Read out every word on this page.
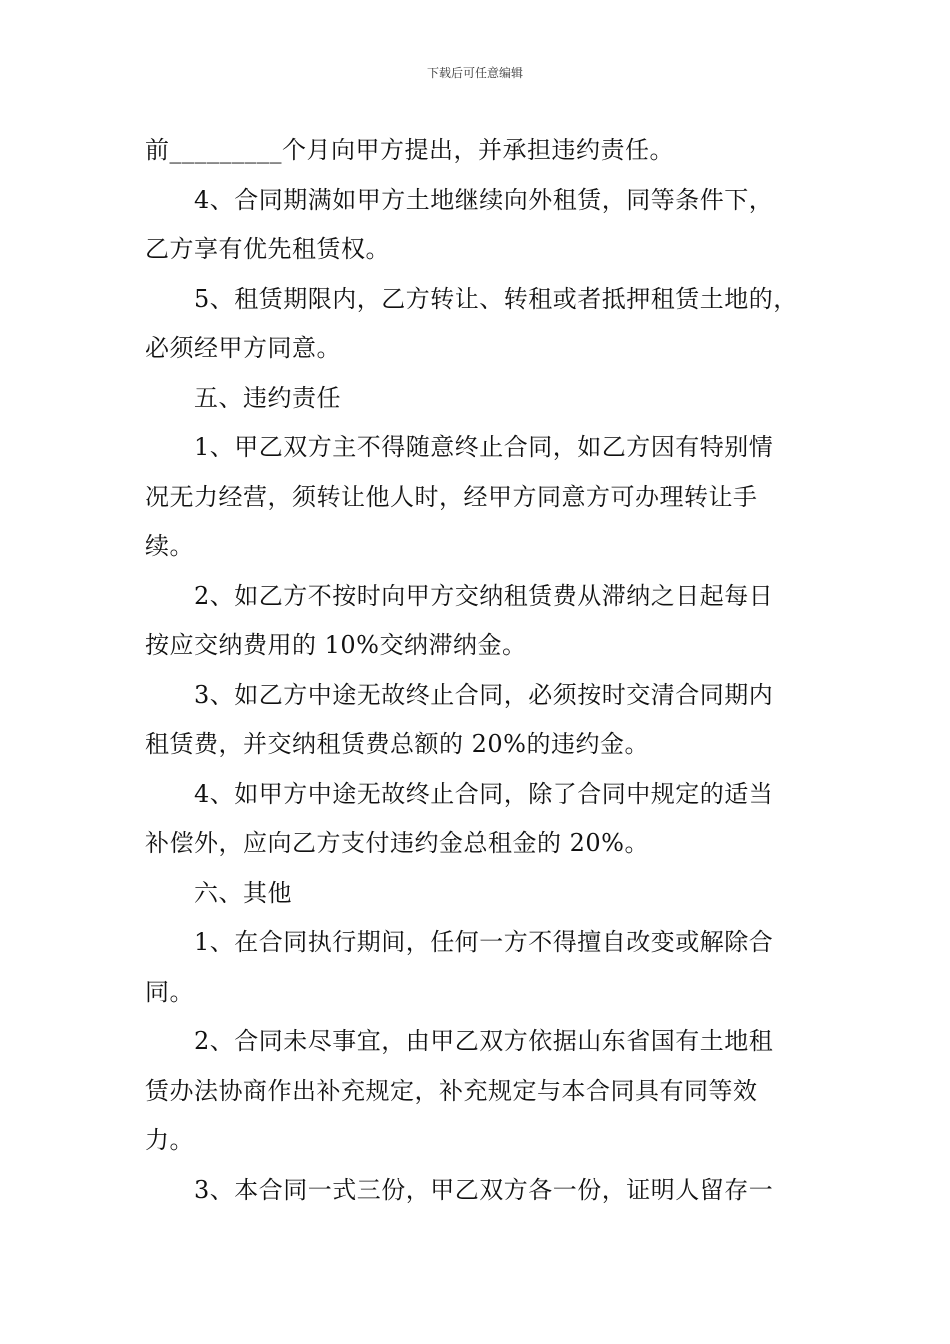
下载后可任意编辑
前_________个月向甲方提出，并承担违约责任。
4、合同期满如甲方土地继续向外租赁，同等条件下，
乙方享有优先租赁权。
5、租赁期限内，乙方转让、转租或者抵押租赁土地的，
必须经甲方同意。
五、违约责任
1、甲乙双方主不得随意终止合同，如乙方因有特别情
况无力经营，须转让他人时，经甲方同意方可办理转让手
续。
2、如乙方不按时向甲方交纳租赁费从滞纳之日起每日
按应交纳费用的 10%交纳滞纳金。
3、如乙方中途无故终止合同，必须按时交清合同期内
租赁费，并交纳租赁费总额的 20%的违约金。
4、如甲方中途无故终止合同，除了合同中规定的适当
补偿外，应向乙方支付违约金总租金的 20%。
六、其他
1、在合同执行期间，任何一方不得擅自改变或解除合
同。
2、合同未尽事宜，由甲乙双方依据山东省国有土地租
赁办法协商作出补充规定，补充规定与本合同具有同等效
力。
3、本合同一式三份，甲乙双方各一份，证明人留存一
